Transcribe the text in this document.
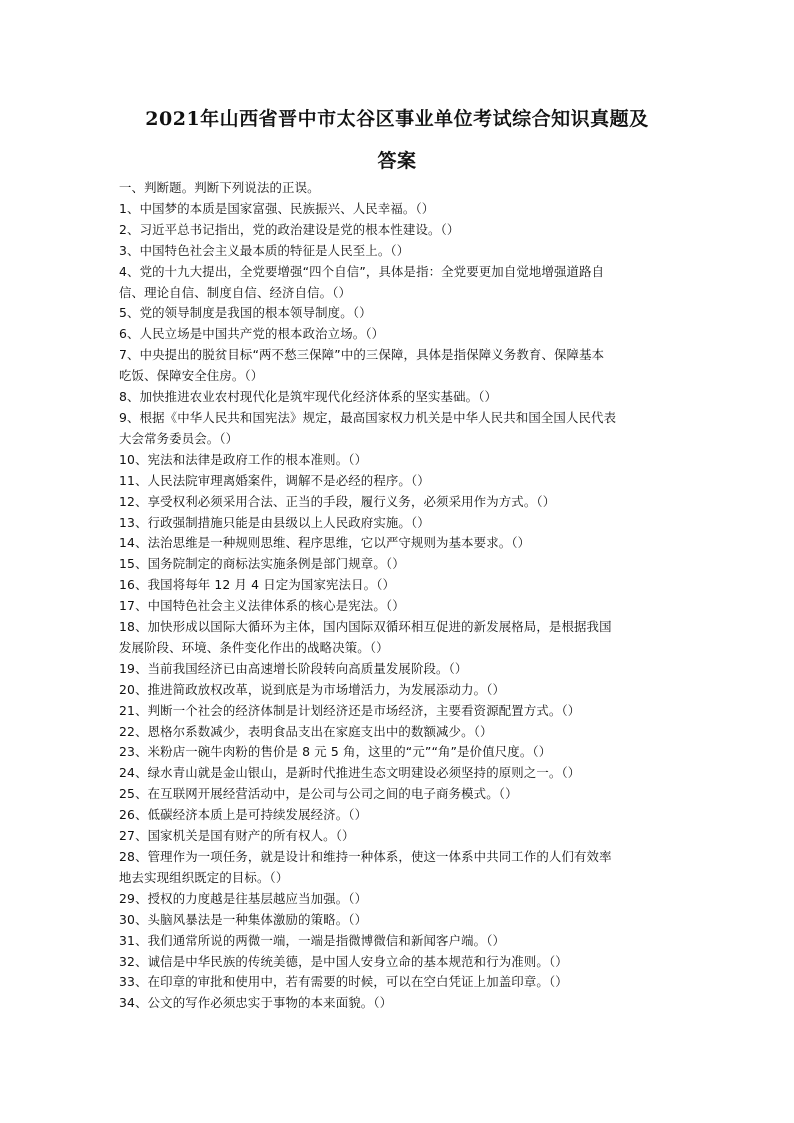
2021年山西省晋中市太谷区事业单位考试综合知识真题及
答案

一、判断题。判断下列说法的正误。

1、中国梦的本质是国家富强、民族振兴、人民幸福。（）

2、习近平总书记指出，党的政治建设是党的根本性建设。（）

3、中国特色社会主义最本质的特征是人民至上。（）

4、党的十九大提出，全党要增强“四个自信”，具体是指：全党要更加自觉地增强道路自

信、理论自信、制度自信、经济自信。（）

5、党的领导制度是我国的根本领导制度。（）

6、人民立场是中国共产党的根本政治立场。（）

7、中央提出的脱贫目标“两不愁三保障”中的三保障，具体是指保障义务教育、保障基本

吃饭、保障安全住房。（）

8、加快推进农业农村现代化是筑牢现代化经济体系的坚实基础。（）

9、根据《中华人民共和国宪法》规定，最高国家权力机关是中华人民共和国全国人民代表

大会常务委员会。（）

10、宪法和法律是政府工作的根本准则。（）

11、人民法院审理离婚案件，调解不是必经的程序。（）

12、享受权利必须采用合法、正当的手段，履行义务，必须采用作为方式。（）

13、行政强制措施只能是由县级以上人民政府实施。（）

14、法治思维是一种规则思维、程序思维，它以严守规则为基本要求。（）

15、国务院制定的商标法实施条例是部门规章。（）

16、我国将每年 12 月 4 日定为国家宪法日。（）

17、中国特色社会主义法律体系的核心是宪法。（）

18、加快形成以国际大循环为主体，国内国际双循环相互促进的新发展格局，是根据我国

发展阶段、环境、条件变化作出的战略决策。（）

19、当前我国经济已由高速增长阶段转向高质量发展阶段。（）

20、推进简政放权改革，说到底是为市场增活力，为发展添动力。（）

21、判断一个社会的经济体制是计划经济还是市场经济，主要看资源配置方式。（）

22、恩格尔系数减少，表明食品支出在家庭支出中的数额减少。（）

23、米粉店一碗牛肉粉的售价是 8 元 5 角，这里的“元”“角”是价值尺度。（）

24、绿水青山就是金山银山，是新时代推进生态文明建设必须坚持的原则之一。（）

25、在互联网开展经营活动中，是公司与公司之间的电子商务模式。（）

26、低碳经济本质上是可持续发展经济。（）

27、国家机关是国有财产的所有权人。（）

28、管理作为一项任务，就是设计和维持一种体系，使这一体系中共同工作的人们有效率

地去实现组织既定的目标。（）

29、授权的力度越是往基层越应当加强。（）

30、头脑风暴法是一种集体激励的策略。（）

31、我们通常所说的两微一端，一端是指微博微信和新闻客户端。（）

32、诚信是中华民族的传统美德，是中国人安身立命的基本规范和行为准则。（）

33、在印章的审批和使用中，若有需要的时候，可以在空白凭证上加盖印章。（）

34、公文的写作必须忠实于事物的本来面貌。（）
